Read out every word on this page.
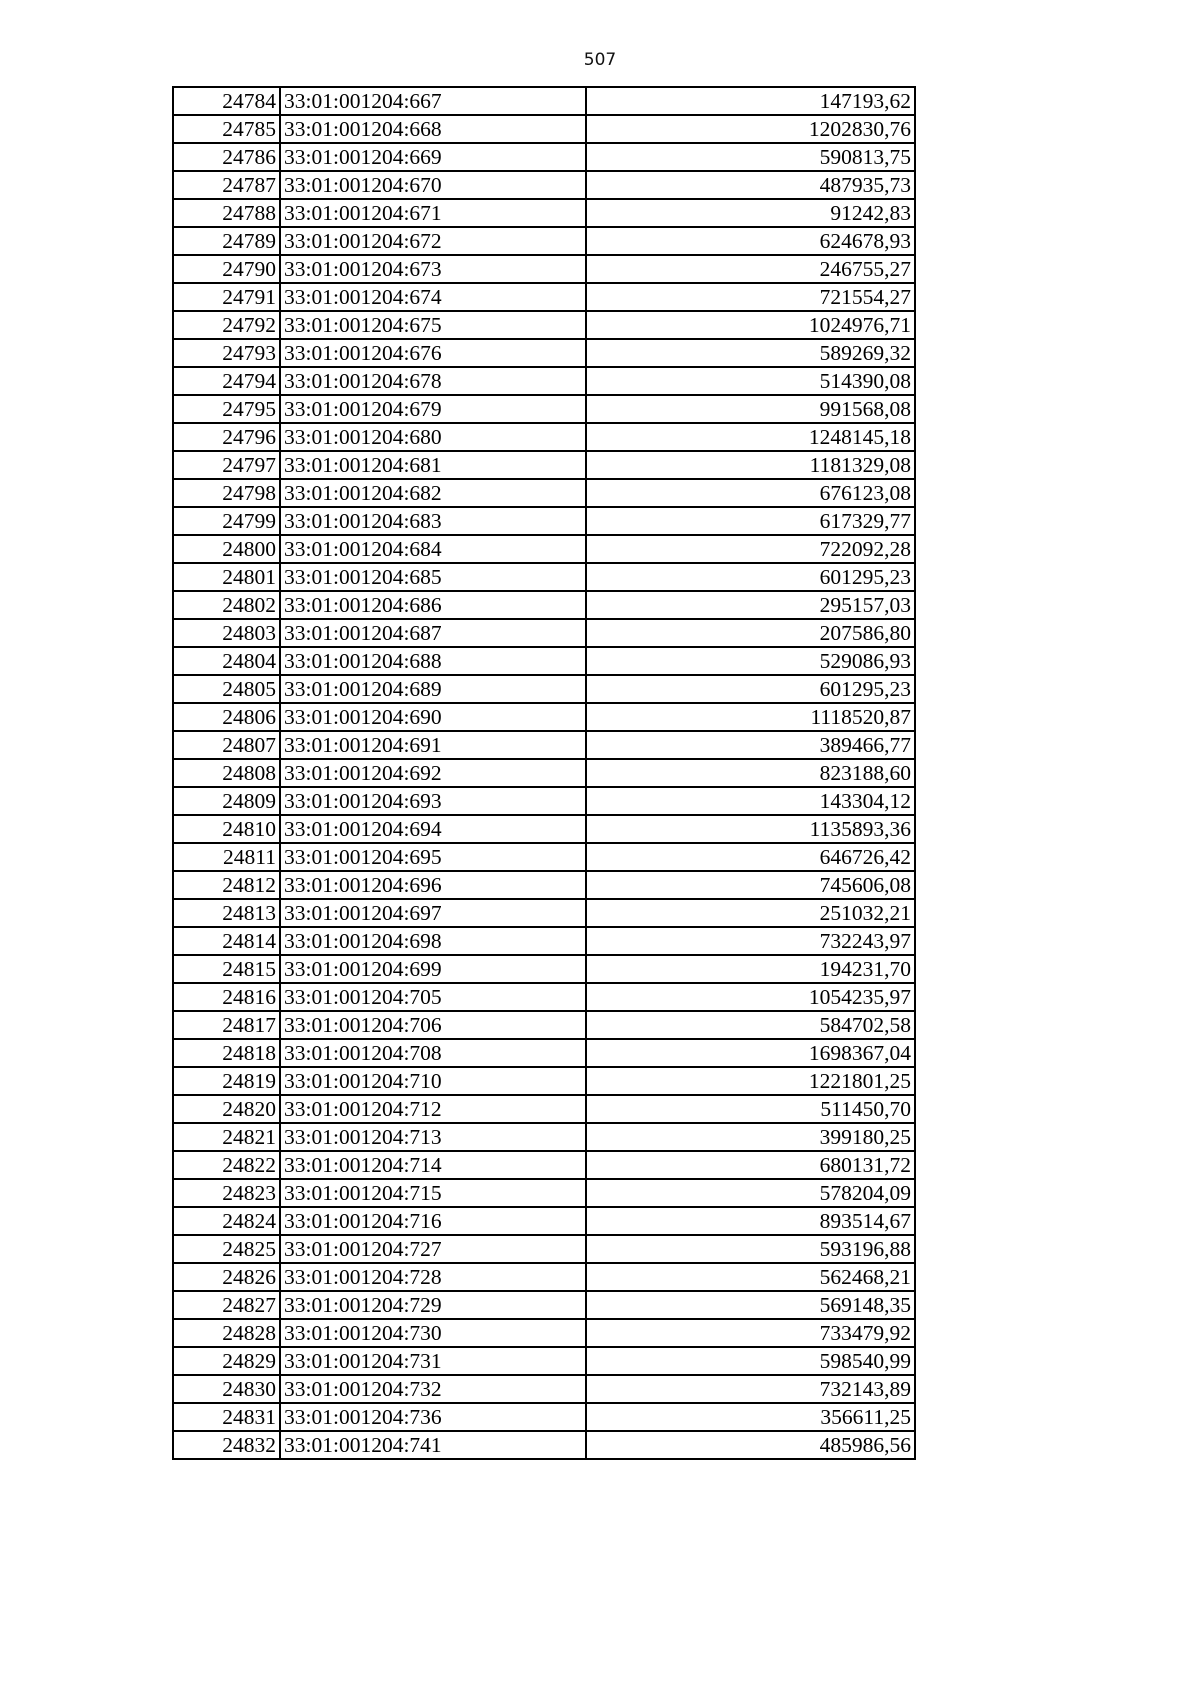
507
24784	33:01:001204:667	147193,62
24785	33:01:001204:668	1202830,76
24786	33:01:001204:669	590813,75
24787	33:01:001204:670	487935,73
24788	33:01:001204:671	91242,83
24789	33:01:001204:672	624678,93
24790	33:01:001204:673	246755,27
24791	33:01:001204:674	721554,27
24792	33:01:001204:675	1024976,71
24793	33:01:001204:676	589269,32
24794	33:01:001204:678	514390,08
24795	33:01:001204:679	991568,08
24796	33:01:001204:680	1248145,18
24797	33:01:001204:681	1181329,08
24798	33:01:001204:682	676123,08
24799	33:01:001204:683	617329,77
24800	33:01:001204:684	722092,28
24801	33:01:001204:685	601295,23
24802	33:01:001204:686	295157,03
24803	33:01:001204:687	207586,80
24804	33:01:001204:688	529086,93
24805	33:01:001204:689	601295,23
24806	33:01:001204:690	1118520,87
24807	33:01:001204:691	389466,77
24808	33:01:001204:692	823188,60
24809	33:01:001204:693	143304,12
24810	33:01:001204:694	1135893,36
24811	33:01:001204:695	646726,42
24812	33:01:001204:696	745606,08
24813	33:01:001204:697	251032,21
24814	33:01:001204:698	732243,97
24815	33:01:001204:699	194231,70
24816	33:01:001204:705	1054235,97
24817	33:01:001204:706	584702,58
24818	33:01:001204:708	1698367,04
24819	33:01:001204:710	1221801,25
24820	33:01:001204:712	511450,70
24821	33:01:001204:713	399180,25
24822	33:01:001204:714	680131,72
24823	33:01:001204:715	578204,09
24824	33:01:001204:716	893514,67
24825	33:01:001204:727	593196,88
24826	33:01:001204:728	562468,21
24827	33:01:001204:729	569148,35
24828	33:01:001204:730	733479,92
24829	33:01:001204:731	598540,99
24830	33:01:001204:732	732143,89
24831	33:01:001204:736	356611,25
24832	33:01:001204:741	485986,56
